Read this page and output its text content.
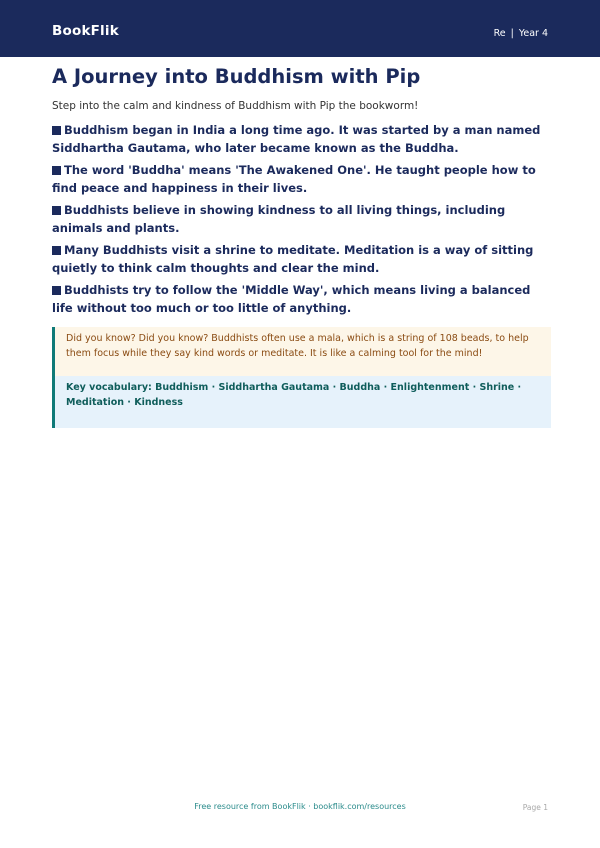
BookFlik	Re | Year 4
A Journey into Buddhism with Pip
Step into the calm and kindness of Buddhism with Pip the bookworm!
Buddhism began in India a long time ago. It was started by a man named Siddhartha Gautama, who later became known as the Buddha.
The word 'Buddha' means 'The Awakened One'. He taught people how to find peace and happiness in their lives.
Buddhists believe in showing kindness to all living things, including animals and plants.
Many Buddhists visit a shrine to meditate. Meditation is a way of sitting quietly to think calm thoughts and clear the mind.
Buddhists try to follow the 'Middle Way', which means living a balanced life without too much or too little of anything.
Did you know? Did you know? Buddhists often use a mala, which is a string of 108 beads, to help them focus while they say kind words or meditate. It is like a calming tool for the mind!
Key vocabulary: Buddhism · Siddhartha Gautama · Buddha · Enlightenment · Shrine · Meditation · Kindness
Free resource from BookFlik · bookflik.com/resources	Page 1
